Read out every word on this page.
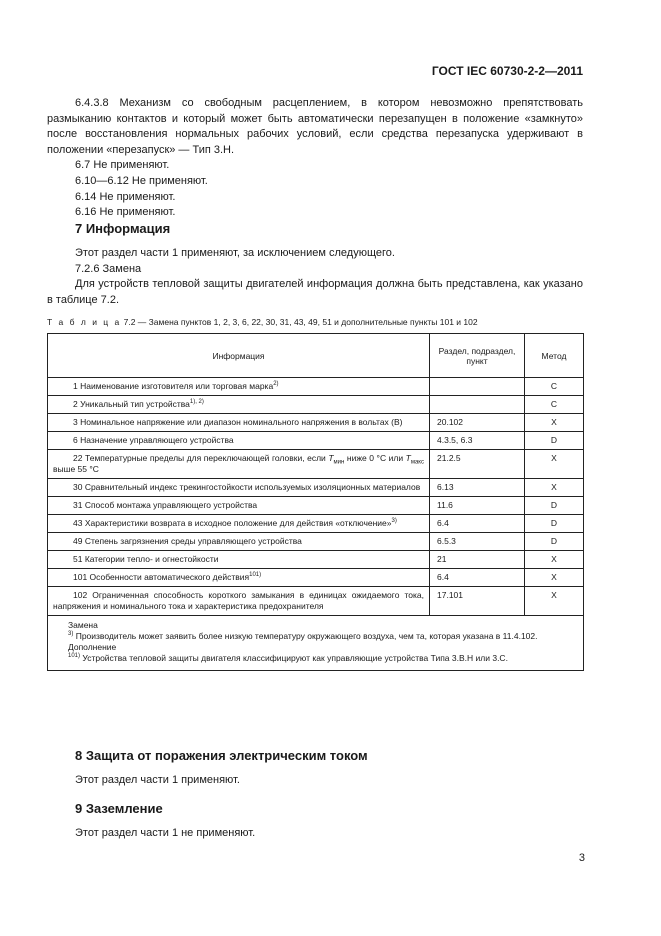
ГОСТ IEC 60730-2-2—2011

6.4.3.8 Механизм со свободным расцеплением, в котором невозможно препятствовать размыканию контактов и который может быть автоматически перезапущен в положение «замкнуто» после восстановления нормальных рабочих условий, если средства перезапуска удерживают в положении «перезапуск» — Тип 3.Н.

6.7 Не применяют.

6.10—6.12 Не применяют.

6.14 Не применяют.

6.16 Не применяют.

7 Информация

Этот раздел части 1 применяют, за исключением следующего.

7.2.6 Замена

Для устройств тепловой защиты двигателей информация должна быть представлена, как указано в таблице 7.2.

Т а б л и ц а 7.2 — Замена пунктов 1, 2, 3, 6, 22, 30, 31, 43, 49, 51 и дополнительные пункты 101 и 102
Информация	Раздел, подраздел, пункт	Метод
1 Наименование изготовителя или торговая марка$^{2)}$		C
2 Уникальный тип устройства$^{1), 2)}$		C
3 Номинальное напряжение или диапазон номинального напряжения в вольтах (В)	20.102	X
6 Назначение управляющего устройства	4.3.5, 6.3	D
22 Температурные пределы для переключающей головки, если $T_{мин}$ ниже 0 °С или $T_{макс}$ выше 55 °С	21.2.5	X
30 Сравнительный индекс трекингостойкости используемых изоляционных материалов	6.13	X
31 Способ монтажа управляющего устройства	11.6	D
43 Характеристики возврата в исходное положение для действия «отключение»$^{3)}$	6.4	D
49 Степень загрязнения среды управляющего устройства	6.5.3	D
51 Категории тепло- и огнестойкости	21	X
101 Особенности автоматического действия$^{101)}$	6.4	X
102 Ограниченная способность короткого замыкания в единицах ожидаемого тока, напряжения и номинального тока и характеристика предохранителя	17.101	X

Замена

$^{3)}$ Производитель может заявить более низкую температуру окружающего воздуха, чем та, которая указана в 11.4.102.

Дополнение

$^{101)}$ Устройства тепловой защиты двигателя классифицируют как управляющие устройства Типа 3.В.Н или 3.С.		

8 Защита от поражения электрическим током

Этот раздел части 1 применяют.

9 Заземление

Этот раздел части 1 не применяют.

3
